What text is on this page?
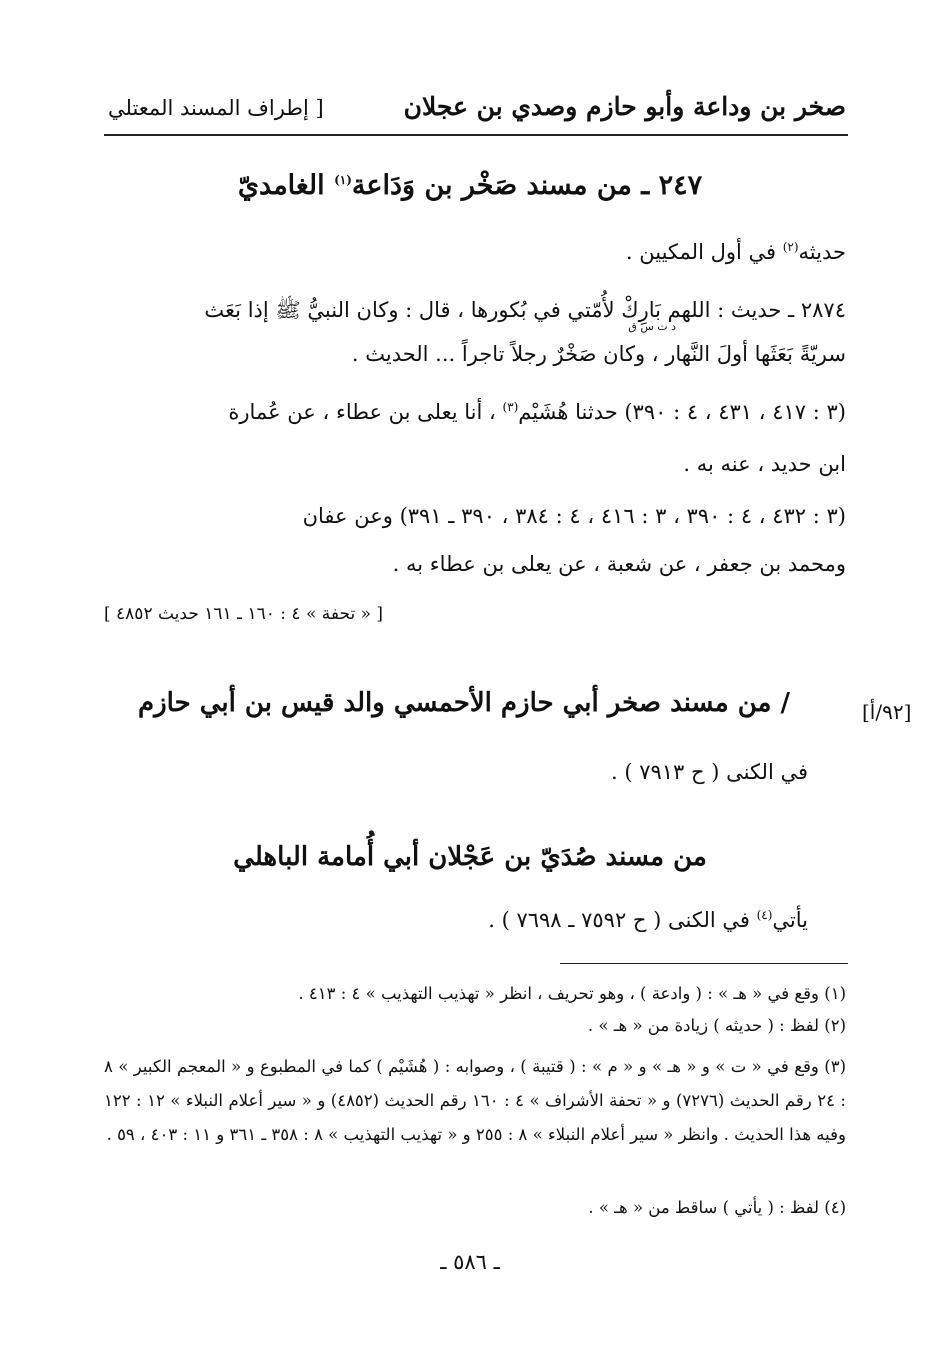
صخر بن وداعة وأبو حازم وصدي بن عجلان
[ إطراف المسند المعتلي
٢٤٧ ـ من مسند صَخْر بن وَدَاعة$^{(١)}$ الغامديّ
حديثه$^{(٢)}$ في أول المكيين .
٢٨٧٤ ـ حديث : اللهم بَارِكْ لأُمّتي في بُكورها ، قال : وكان النبيُّ ﷺ إذا بَعَث
د ت س ق
سريّةً بَعَثَها أولَ النَّهار ، وكان صَخْرٌ رجلاً تاجراً ... الحديث .
(٣ : ٤١٧ ، ٤٣١ ، ٤ : ٣٩٠) حدثنا هُشَيْم$^{(٣)}$ ، أنا يعلى بن عطاء ، عن عُمارة
ابن حديد ، عنه به .
(٣ : ٤٣٢ ، ٤ : ٣٩٠ ، ٣ : ٤١٦ ، ٤ : ٣٨٤ ، ٣٩٠ ـ ٣٩١) وعن عفان
ومحمد بن جعفر ، عن شعبة ، عن يعلى بن عطاء به .
[ « تحفة » ٤ : ١٦٠ ـ ١٦١ حديث ٤٨٥٢ ]
[٩٢/أ]
/ من مسند صخر أبي حازم الأحمسي والد قيس بن أبي حازم
في الكنى ( ح ٧٩١٣ ) .
من مسند صُدَيّ بن عَجْلان أبي أُمامة الباهلي
يأتي$^{(٤)}$ في الكنى ( ح ٧٥٩٢ ـ ٧٦٩٨ ) .
(١) وقع في « هـ » : ( وادعة ) ، وهو تحريف ، انظر « تهذيب التهذيب » ٤ : ٤١٣ .
(٢) لفظ : ( حديثه ) زيادة من « هـ » .
(٣) وقع في « ت » و « هـ » و « م » : ( قتيبة ) ، وصوابه : ( هُشَيْم ) كما في المطبوع و « المعجم الكبير » ٨ : ٢٤ رقم الحديث (٧٢٧٦) و « تحفة الأشراف » ٤ : ١٦٠ رقم الحديث (٤٨٥٢) و « سير أعلام النبلاء » ١٢ : ١٢٢ وفيه هذا الحديث . وانظر « سير أعلام النبلاء » ٨ : ٢٥٥ و « تهذيب التهذيب » ٨ : ٣٥٨ ـ ٣٦١ و ١١ : ٤٠٣ ، ٥٩ .
(٤) لفظ : ( يأتي ) ساقط من « هـ » .
ـ ٥٨٦ ـ
